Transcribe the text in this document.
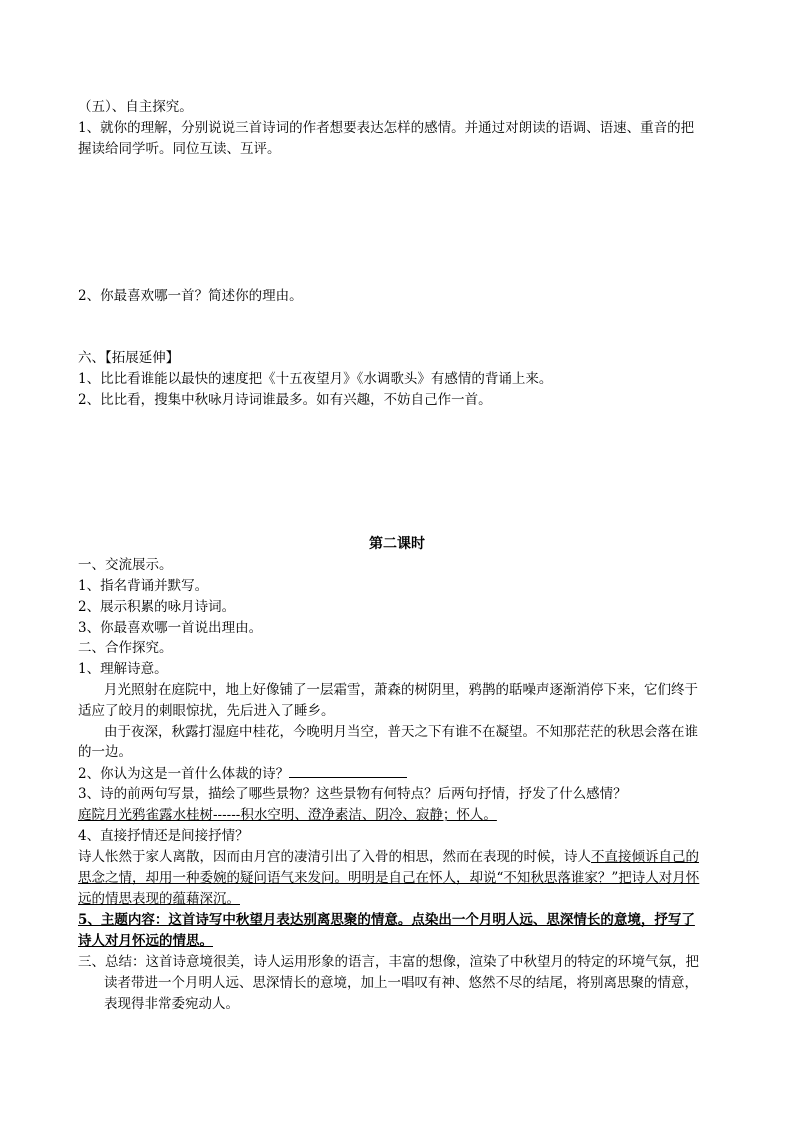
（五）、自主探究。
1、就你的理解，分别说说三首诗词的作者想要表达怎样的感情。并通过对朗读的语调、语速、重音的把
握读给同学听。同位互读、互评。
2、你最喜欢哪一首？简述你的理由。
六、【拓展延伸】
1、比比看谁能以最快的速度把《十五夜望月》《水调歌头》有感情的背诵上来。
2、比比看，搜集中秋咏月诗词谁最多。如有兴趣，不妨自己作一首。
第二课时
一、交流展示。
1、指名背诵并默写。
2、展示积累的咏月诗词。
3、你最喜欢哪一首说出理由。
二、合作探究。
1、理解诗意。
月光照射在庭院中，地上好像铺了一层霜雪，萧森的树阴里，鸦鹊的聒噪声逐渐消停下来，它们终于
适应了皎月的刺眼惊扰，先后进入了睡乡。
由于夜深，秋露打湿庭中桂花，今晚明月当空，普天之下有谁不在凝望。不知那茫茫的秋思会落在谁
的一边。
2、你认为这是一首什么体裁的诗？
3、诗的前两句写景，描绘了哪些景物？这些景物有何特点？后两句抒情，抒发了什么感情？
庭院月光鸦雀露水桂树------积水空明、澄净素洁、阴冷、寂静；怀人。
4、直接抒情还是间接抒情？
诗人怅然于家人离散，因而由月宫的凄清引出了入骨的相思，然而在表现的时候，诗人不直接倾诉自己的
思念之情，却用一种委婉的疑问语气来发问。明明是自己在怀人，却说“不知秋思落谁家？”把诗人对月怀
远的情思表现的蕴藉深沉。
5、主题内容：这首诗写中秋望月表达别离思聚的情意。点染出一个月明人远、思深情长的意境，抒写了
诗人对月怀远的情思。
三、总结：这首诗意境很美，诗人运用形象的语言，丰富的想像，渲染了中秋望月的特定的环境气氛，把
读者带进一个月明人远、思深情长的意境，加上一唱叹有神、悠然不尽的结尾，将别离思聚的情意，
表现得非常委宛动人。
